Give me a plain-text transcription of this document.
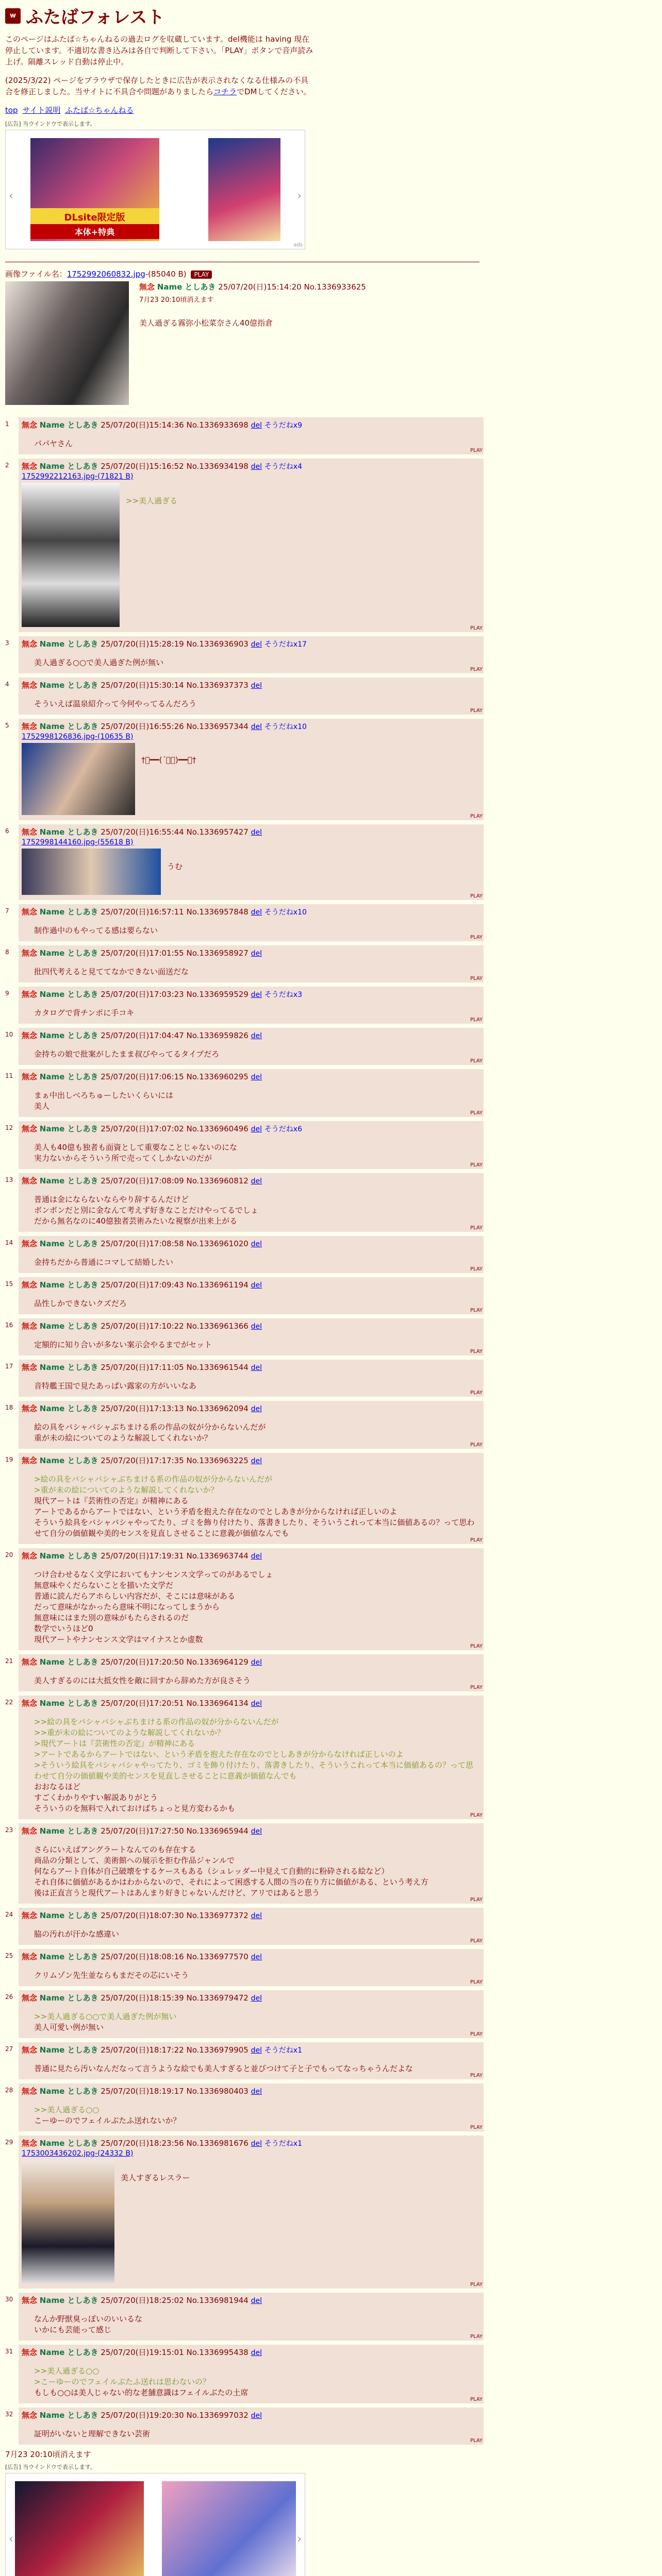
w ふたばフォレスト

このページはふたば☆ちゃんねるの過去ログを収蔵しています。del機能は having 現在停止しています。不適切な書き込みは各自で判断して下さい。「PLAY」ボタンで音声読み上げ。隔離スレッド自動は停止中。

(2025/3/22) ページをブラウザで保存したときに広告が表示されなくなる仕様みの不具合を修正しました。当サイトに不具合や問題がありましたらコチラでDMしてください。

top サイト説明 ふたば☆ちゃんねる
[広告] 当ウインドウで表示します。
‹
DLsite限定版
本体+特典
›
ads
画像ファイル名：1752992060832.jpg-(85040 B) PLAY
無念 Name としあき 25/07/20(日)15:14:20 No.1336933625
7月23 20:10頃消えます
美人過ぎる霧弥小松菜奈さん40億指倉
1	無念 Name としあき 25/07/20(日)15:14:36 No.1336933698 del そうだねx9
パパヤさん
PLAY
2	無念 Name としあき 25/07/20(日)15:16:52 No.1336934198 del そうだねx4
1752992212163.jpg-(71821 B)
>>美人過ぎる
PLAY
3	無念 Name としあき 25/07/20(日)15:28:19 No.1336936903 del そうだねx17
美人過ぎる○○で美人過ぎた例が無い
PLAY
4	無念 Name としあき 25/07/20(日)15:30:14 No.1336937373 del
そういえば温泉紹介って今何やってるんだろう
PLAY
5	無念 Name としあき 25/07/20(日)16:55:26 No.1336957344 del そうだねx10
1752998126836.jpg-(10635 B)
†ﾟ━━(´ｰ｀)━━ﾟ†
PLAY
6	無念 Name としあき 25/07/20(日)16:55:44 No.1336957427 del
1752998144160.jpg-(55618 B)
うむ
PLAY
7	無念 Name としあき 25/07/20(日)16:57:11 No.1336957848 del そうだねx10
制作過中のもやってる感は要らない
PLAY
8	無念 Name としあき 25/07/20(日)17:01:55 No.1336958927 del
批四代考えると見ててなかできない面送だな
PLAY
9	無念 Name としあき 25/07/20(日)17:03:23 No.1336959529 del そうだねx3
カタログで背チンポに手コキ
PLAY
10	無念 Name としあき 25/07/20(日)17:04:47 No.1336959826 del
金持ちの娘で批案がしたまま叔びやってるタイプだろ
PLAY
11	無念 Name としあき 25/07/20(日)17:06:15 No.1336960295 del
まぁ中出しべろちゅーしたいくらいには
美人
PLAY
12	無念 Name としあき 25/07/20(日)17:07:02 No.1336960496 del そうだねx6
美人も40億も独者も面資として重要なことじゃないのにな
実力ないからそういう所で売ってくしかないのだが
PLAY
13	無念 Name としあき 25/07/20(日)17:08:09 No.1336960812 del
普通は金にならないならやり辞するんだけど
ボンボンだと別に金なんて考えず好きなことだけやってるでしょ
だから無名なのに40億独者芸術みたいな視察が出来上がる
PLAY
14	無念 Name としあき 25/07/20(日)17:08:58 No.1336961020 del
金持ちだから普通にコマして結婚したい
PLAY
15	無念 Name としあき 25/07/20(日)17:09:43 No.1336961194 del
品性しかできないクズだろ
PLAY
16	無念 Name としあき 25/07/20(日)17:10:22 No.1336961366 del
定額的に知り合いが多ない案示会やるまでがセット
PLAY
17	無念 Name としあき 25/07/20(日)17:11:05 No.1336961544 del
音特艦王国で見たあっぱい露家の方がいいなあ
PLAY
18	無念 Name としあき 25/07/20(日)17:13:13 No.1336962094 del
絵の具をバシャバシャぶちまける系の作品の奴が分からないんだが
重が未の絵についてのような解説してくれないか？
PLAY
19	無念 Name としあき 25/07/20(日)17:17:35 No.1336963225 del
>絵の具をバシャバシャぶちまける系の作品の奴が分からないんだが
>重が未の絵についてのような解説してくれないか？
現代アートは『芸術性の否定』が精神にある
アートであるからアートではない、という矛盾を抱えた存在なのでとしあきが分からなければ正しいのよ
そういう絵具をバシャバシャやってたり、ゴミを飾り付けたり、落書きしたり、そういうこれって本当に価値あるの？って思わせて自分の価値観や美的センスを見直しさせることに意義が価値なんでも
PLAY
20	無念 Name としあき 25/07/20(日)17:19:31 No.1336963744 del
つけ合わせるなく文学においてもナンセンス文学ってのがあるでしょ
無意味やくだらないことを描いた文学だ
普通に読んだらアホらしい内容だが、そこには意味がある
だって意味がなかったら意味不明になってしまうから
無意味にはまた別の意味がもたらされるのだ
数学でいうほど0
現代アートやナンセンス文学はマイナスとか虚数
PLAY
21	無念 Name としあき 25/07/20(日)17:20:50 No.1336964129 del
美人すぎるのには大抵女性を敵に回すから辞めた方が良さそう
PLAY
22	無念 Name としあき 25/07/20(日)17:20:51 No.1336964134 del
>>絵の具をバシャバシャぶちまける系の作品の奴が分からないんだが
>>重が未の絵についてのような解説してくれないか？
>現代アートは『芸術性の否定』が精神にある
>アートであるからアートではない、という矛盾を抱えた存在なのでとしあきが分からなければ正しいのよ
>そういう絵具をバシャバシャやってたり、ゴミを飾り付けたり、落書きしたり、そういうこれって本当に価値あるの？って思わせて自分の価値観や美的センスを見直しさせることに意義が価値なんでも
おおなるほど
すごくわかりやすい解説ありがとう
そういうのを無料で入れておけばちょっと見方変わるかも
PLAY
23	無念 Name としあき 25/07/20(日)17:27:50 No.1336965944 del
さらにいえばアングラートなんてのも存在する
商品の分類として、美術館への展示を拒む作品ジャンルで
何ならアート自体が自己破壊をするケースもある（シュレッダー中見えて自動的に粉砕される絵など）
それ自体に価値があるかはわからないので、それによって困惑する人間の当の在り方に価値がある、という考え方
後は正直言うと現代アートはあんまり好きじゃないんだけど、アリではあると思う
PLAY
24	無念 Name としあき 25/07/20(日)18:07:30 No.1336977372 del
脇の汚れが汗かな感違い
PLAY
25	無念 Name としあき 25/07/20(日)18:08:16 No.1336977570 del
クリムゾン先生並ならもまだその芯にいそう
PLAY
26	無念 Name としあき 25/07/20(日)18:15:39 No.1336979472 del
>>美人過ぎる○○で美人過ぎた例が無い
美人可愛い例が無い
PLAY
27	無念 Name としあき 25/07/20(日)18:17:22 No.1336979905 del そうだねx1
普通に見たら汚いなんだなって言うような絵でも美人すぎると並びつけて子と子でもってなっちゃうんだよな
PLAY
28	無念 Name としあき 25/07/20(日)18:19:17 No.1336980403 del
>>美人過ぎる○○
こーゆーのでフェイルぶたふ送れないか？
PLAY
29	無念 Name としあき 25/07/20(日)18:23:56 No.1336981676 del そうだねx1
1753003436202.jpg-(24332 B)
美人すぎるレスラー
PLAY
30	無念 Name としあき 25/07/20(日)18:25:02 No.1336981944 del
なんか野獣臭っぽいのいいるな
いかにも芸能って感じ
PLAY
31	無念 Name としあき 25/07/20(日)19:15:01 No.1336995438 del
>>美人過ぎる○○
>こーゆーのでフェイルぶたふ送れは思わないの？
もしも○○は美人じゃない的な老舗意識はフェイルぶたの土席
PLAY
32	無念 Name としあき 25/07/20(日)19:20:30 No.1336997032 del
証明がいないと理解できない芸術
PLAY
7月23 20:10頃消えます
[広告] 当ウインドウで表示します。
‹	›
